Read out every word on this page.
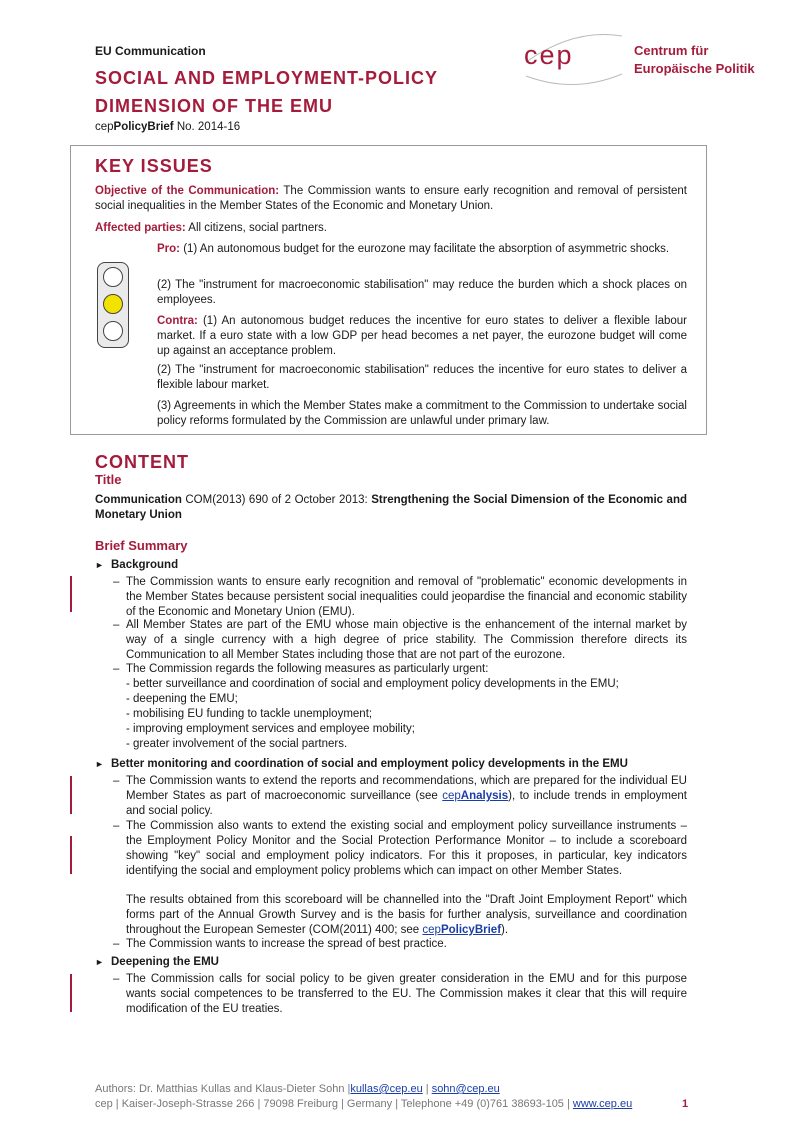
EU Communication
SOCIAL AND EMPLOYMENT-POLICY
DIMENSION OF THE EMU
cepPolicyBrief No. 2014-16
cep	Centrum für
Europäische Politik
KEY ISSUES
Objective of the Communication: The Commission wants to ensure early recognition and removal of persistent social inequalities in the Member States of the Economic and Monetary Union.
Affected parties: All citizens, social partners.
Pro: (1) An autonomous budget for the eurozone may facilitate the absorption of asymmetric shocks.
(2) The "instrument for macroeconomic stabilisation" may reduce the burden which a shock places on employees.
Contra: (1) An autonomous budget reduces the incentive for euro states to deliver a flexible labour market. If a euro state with a low GDP per head becomes a net payer, the eurozone budget will come up against an acceptance problem.
(2) The "instrument for macroeconomic stabilisation" reduces the incentive for euro states to deliver a flexible labour market.
(3) Agreements in which the Member States make a commitment to the Commission to undertake social policy reforms formulated by the Commission are unlawful under primary law.
CONTENT
Title
Communication COM(2013) 690 of 2 October 2013: Strengthening the Social Dimension of the Economic and Monetary Union
Brief Summary
► Background
– The Commission wants to ensure early recognition and removal of "problematic" economic developments in the Member States because persistent social inequalities could jeopardise the financial and economic stability of the Economic and Monetary Union (EMU).
– All Member States are part of the EMU whose main objective is the enhancement of the internal market by way of a single currency with a high degree of price stability. The Commission therefore directs its Communication to all Member States including those that are not part of the eurozone.
– The Commission regards the following measures as particularly urgent:
- better surveillance and coordination of social and employment policy developments in the EMU;
- deepening the EMU;
- mobilising EU funding to tackle unemployment;
- improving employment services and employee mobility;
- greater involvement of the social partners.
► Better monitoring and coordination of social and employment policy developments in the EMU
– The Commission wants to extend the reports and recommendations, which are prepared for the individual EU Member States as part of macroeconomic surveillance (see cepAnalysis), to include trends in employment and social policy.
– The Commission also wants to extend the existing social and employment policy surveillance instruments – the Employment Policy Monitor and the Social Protection Performance Monitor – to include a scoreboard showing "key" social and employment policy indicators. For this it proposes, in particular, key indicators identifying the social and employment policy problems which can impact on other Member States.
The results obtained from this scoreboard will be channelled into the "Draft Joint Employment Report" which forms part of the Annual Growth Survey and is the basis for further analysis, surveillance and coordination throughout the European Semester (COM(2011) 400; see cepPolicyBrief).
– The Commission wants to increase the spread of best practice.
► Deepening the EMU
– The Commission calls for social policy to be given greater consideration in the EMU and for this purpose wants social competences to be transferred to the EU. The Commission makes it clear that this will require modification of the EU treaties.
Authors: Dr. Matthias Kullas and Klaus-Dieter Sohn |kullas@cep.eu | sohn@cep.eu
cep | Kaiser-Joseph-Strasse 266 | 79098 Freiburg | Germany | Telephone +49 (0)761 38693-105 | www.cep.eu	1
